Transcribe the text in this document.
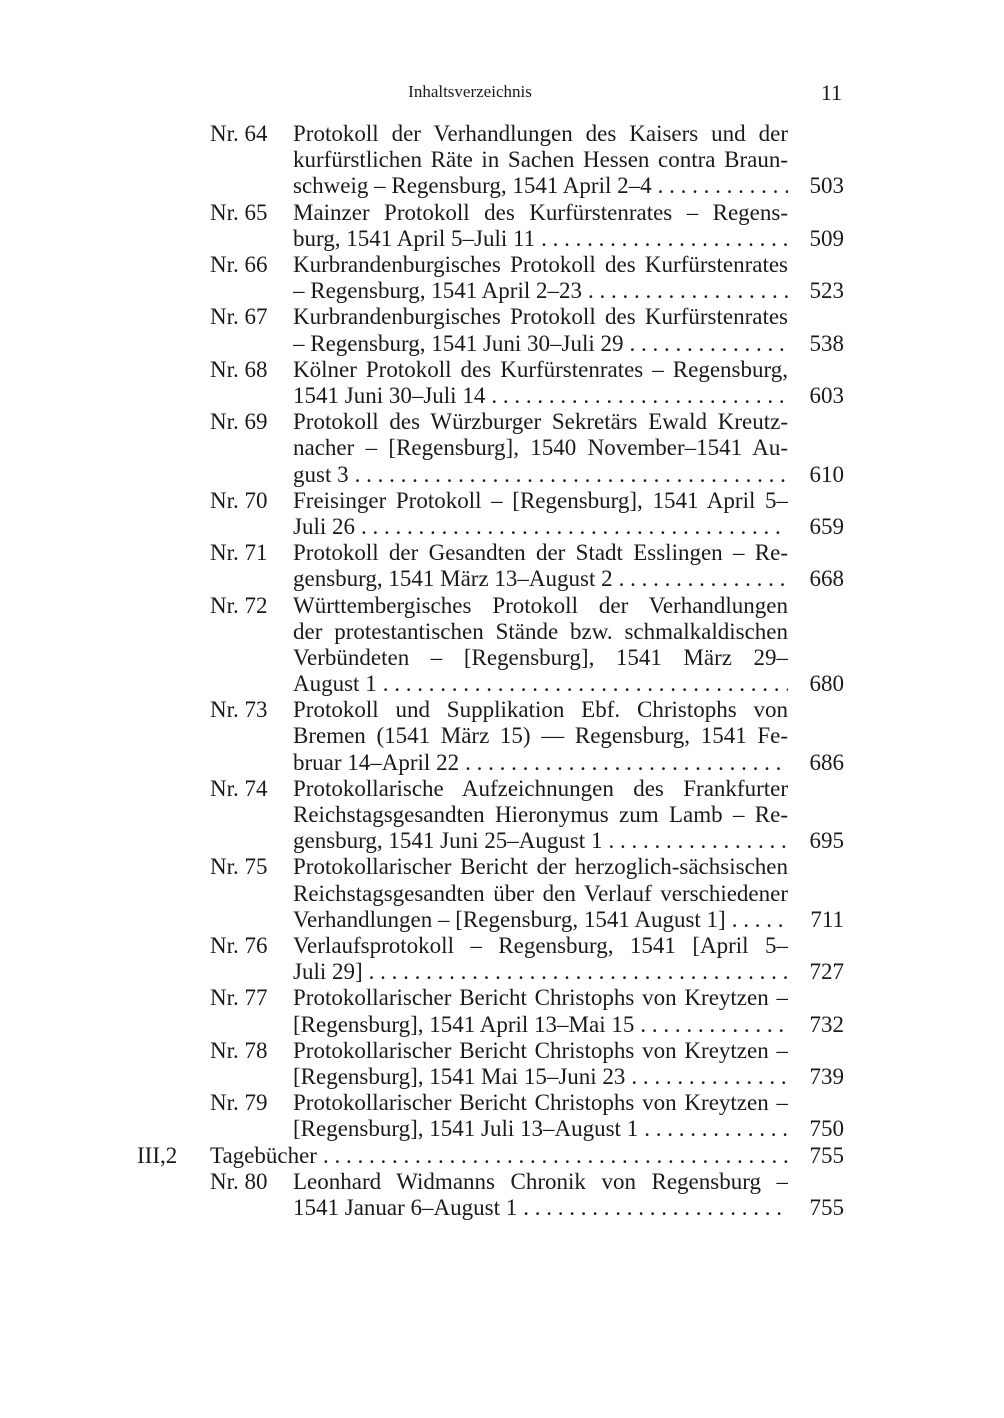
Inhaltsverzeichnis	11
Nr. 64 Protokoll der Verhandlungen des Kaisers und der
kurfürstlichen Räte in Sachen Hessen contra Braun-
schweig – Regensburg, 1541 April 2–4 . . .	503
Nr. 65 Mainzer Protokoll des Kurfürstenrates – Regens-
burg, 1541 April 5–Juli 11 . . .	509
Nr. 66 Kurbrandenburgisches Protokoll des Kurfürstenrates
– Regensburg, 1541 April 2–23 . . .	523
Nr. 67 Kurbrandenburgisches Protokoll des Kurfürstenrates
– Regensburg, 1541 Juni 30–Juli 29 . . .	538
Nr. 68 Kölner Protokoll des Kurfürstenrates – Regensburg,
1541 Juni 30–Juli 14 . . .	603
Nr. 69 Protokoll des Würzburger Sekretärs Ewald Kreutz-
nacher – [Regensburg], 1540 November–1541 Au-
gust 3 . . .	610
Nr. 70 Freisinger Protokoll – [Regensburg], 1541 April 5–
Juli 26 . . .	659
Nr. 71 Protokoll der Gesandten der Stadt Esslingen – Re-
gensburg, 1541 März 13–August 2 . . .	668
Nr. 72 Württembergisches Protokoll der Verhandlungen
der protestantischen Stände bzw. schmalkaldischen
Verbündeten – [Regensburg], 1541 März 29–
August 1 . . .	680
Nr. 73 Protokoll und Supplikation Ebf. Christophs von
Bremen (1541 März 15) — Regensburg, 1541 Fe-
bruar 14–April 22 . . .	686
Nr. 74 Protokollarische Aufzeichnungen des Frankfurter
Reichstagsgesandten Hieronymus zum Lamb – Re-
gensburg, 1541 Juni 25–August 1 . . .	695
Nr. 75 Protokollarischer Bericht der herzoglich-sächsischen
Reichstagsgesandten über den Verlauf verschiedener
Verhandlungen – [Regensburg, 1541 August 1] . . .	711
Nr. 76 Verlaufsprotokoll – Regensburg, 1541 [April 5–
Juli 29] . . .	727
Nr. 77 Protokollarischer Bericht Christophs von Kreytzen –
[Regensburg], 1541 April 13–Mai 15 . . .	732
Nr. 78 Protokollarischer Bericht Christophs von Kreytzen –
[Regensburg], 1541 Mai 15–Juni 23 . . .	739
Nr. 79 Protokollarischer Bericht Christophs von Kreytzen –
[Regensburg], 1541 Juli 13–August 1 . . .	750
III,2 Tagebücher . . .	755
Nr. 80 Leonhard Widmanns Chronik von Regensburg –
1541 Januar 6–August 1 . . .	755
